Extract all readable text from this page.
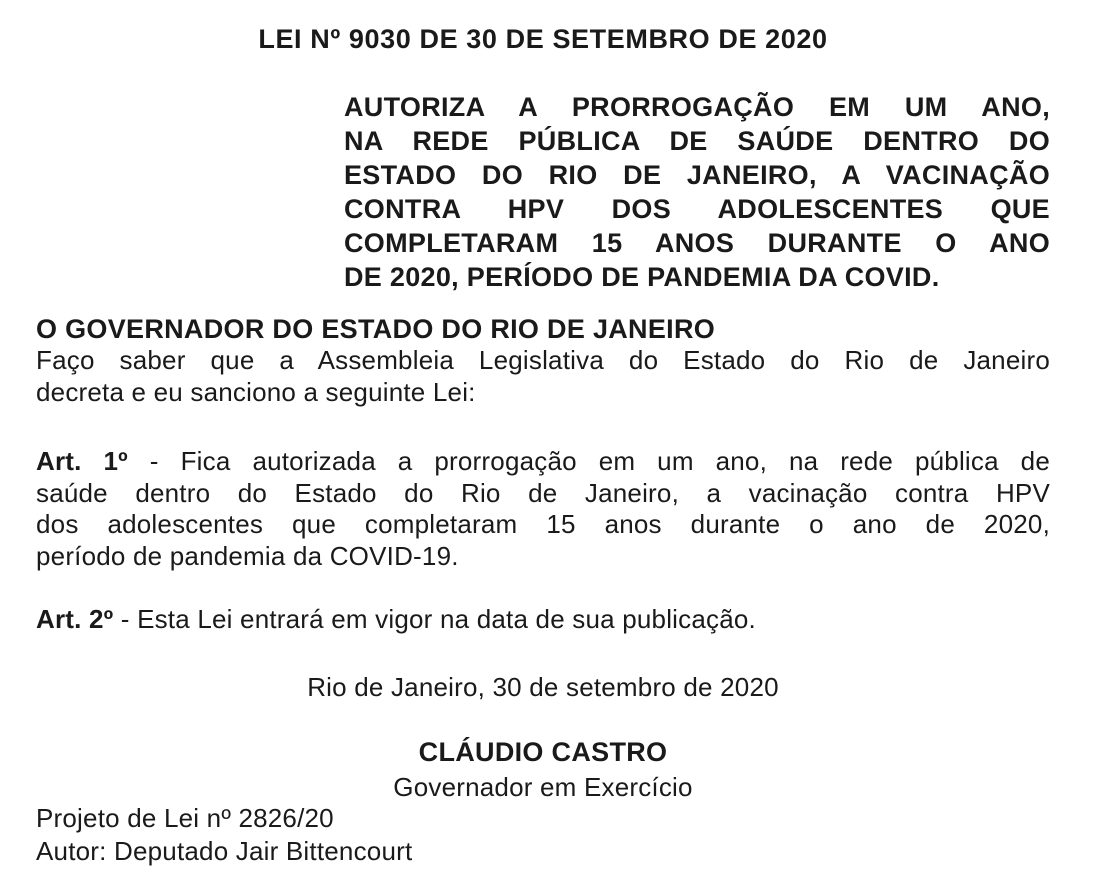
LEI Nº 9030 DE 30 DE SETEMBRO DE 2020
AUTORIZA A PRORROGAÇÃO EM UM ANO,
NA REDE PÚBLICA DE SAÚDE DENTRO DO
ESTADO DO RIO DE JANEIRO, A VACINAÇÃO
CONTRA HPV DOS ADOLESCENTES QUE
COMPLETARAM 15 ANOS DURANTE O ANO
DE 2020, PERÍODO DE PANDEMIA DA COVID.
O GOVERNADOR DO ESTADO DO RIO DE JANEIRO
Faço saber que a Assembleia Legislativa do Estado do Rio de Janeiro
decreta e eu sanciono a seguinte Lei:
Art. 1º - Fica autorizada a prorrogação em um ano, na rede pública de
saúde dentro do Estado do Rio de Janeiro, a vacinação contra HPV
dos adolescentes que completaram 15 anos durante o ano de 2020,
período de pandemia da COVID-19.
Art. 2º - Esta Lei entrará em vigor na data de sua publicação.
Rio de Janeiro, 30 de setembro de 2020
CLÁUDIO CASTRO
Governador em Exercício
Projeto de Lei nº 2826/20
Autor: Deputado Jair Bittencourt
